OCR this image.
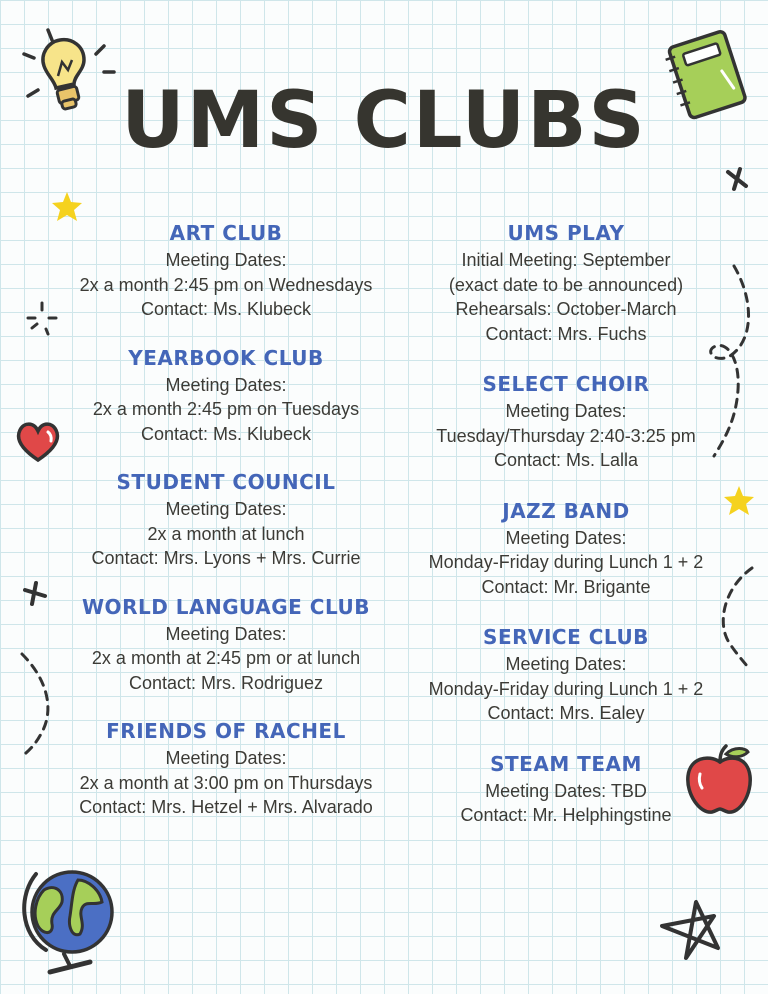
UMS CLUBS
ART CLUB
Meeting Dates:
2x a month 2:45 pm on Wednesdays
Contact: Ms. Klubeck
YEARBOOK CLUB
Meeting Dates:
2x a month 2:45 pm on Tuesdays
Contact: Ms. Klubeck
STUDENT COUNCIL
Meeting Dates:
2x a month at lunch
Contact: Mrs. Lyons + Mrs. Currie
WORLD LANGUAGE CLUB
Meeting Dates:
2x a month at 2:45 pm or at lunch
Contact: Mrs. Rodriguez
FRIENDS OF RACHEL
Meeting Dates:
2x a month at 3:00 pm on Thursdays
Contact: Mrs. Hetzel + Mrs. Alvarado
UMS PLAY
Initial Meeting: September
(exact date to be announced)
Rehearsals: October-March
Contact: Mrs. Fuchs
SELECT CHOIR
Meeting Dates:
Tuesday/Thursday 2:40-3:25 pm
Contact: Ms. Lalla
JAZZ BAND
Meeting Dates:
Monday-Friday during Lunch 1 + 2
Contact: Mr. Brigante
SERVICE CLUB
Meeting Dates:
Monday-Friday during Lunch 1 + 2
Contact: Mrs. Ealey
STEAM TEAM
Meeting Dates: TBD
Contact: Mr. Helphingstine
